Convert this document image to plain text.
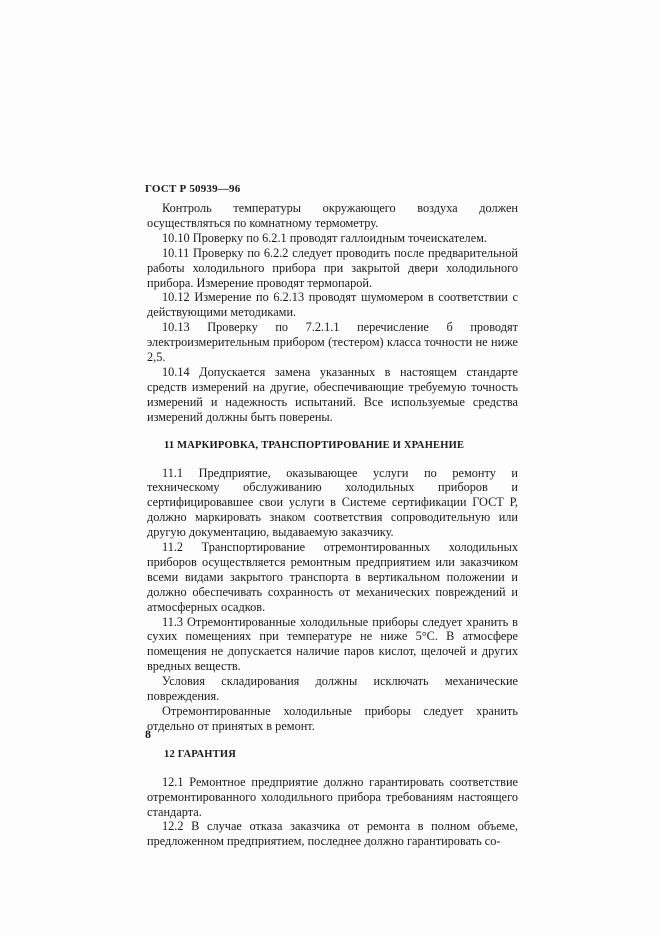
ГОСТ Р 50939—96

Контроль температуры окружающего воздуха должен осуществляться по комнатному термометру.

10.10 Проверку по 6.2.1 проводят галлоидным точеискателем.

10.11 Проверку по 6.2.2 следует проводить после предварительной работы холодильного прибора при закрытой двери холодильного прибора. Измерение проводят термопарой.

10.12 Измерение по 6.2.13 проводят шумомером в соответствии с действующими методиками.

10.13 Проверку по 7.2.1.1 перечисление б проводят электроизмерительным прибором (тестером) класса точности не ниже 2,5.

10.14 Допускается замена указанных в настоящем стандарте средств измерений на другие, обеспечивающие требуемую точность измерений и надежность испытаний. Все используемые средства измерений должны быть поверены.

11 МАРКИРОВКА, ТРАНСПОРТИРОВАНИЕ И ХРАНЕНИЕ

11.1 Предприятие, оказывающее услуги по ремонту и техническому обслуживанию холодильных приборов и сертифицировавшее свои услуги в Системе сертификации ГОСТ Р, должно маркировать знаком соответствия сопроводительную или другую документацию, выдаваемую заказчику.

11.2 Транспортирование отремонтированных холодильных приборов осуществляется ремонтным предприятием или заказчиком всеми видами закрытого транспорта в вертикальном положении и должно обеспечивать сохранность от механических повреждений и атмосферных осадков.

11.3 Отремонтированные холодильные приборы следует хранить в сухих помещениях при температуре не ниже 5°С. В атмосфере помещения не допускается наличие паров кислот, щелочей и других вредных веществ.

Условия складирования должны исключать механические повреждения.

Отремонтированные холодильные приборы следует хранить отдельно от принятых в ремонт.

12 ГАРАНТИЯ

12.1 Ремонтное предприятие должно гарантировать соответствие отремонтированного холодильного прибора требованиям настоящего стандарта.

12.2 В случае отказа заказчика от ремонта в полном объеме, предложенном предприятием, последнее должно гарантировать со-

8
